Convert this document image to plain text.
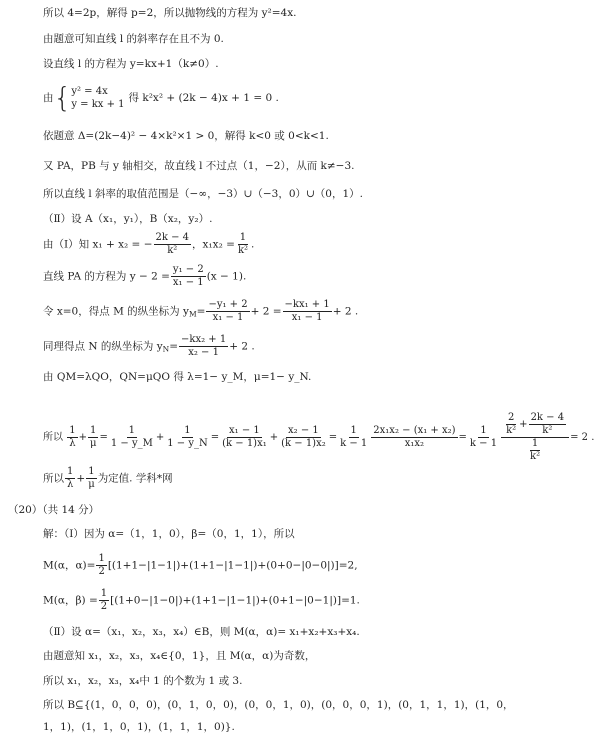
所以 4=2p，解得 p=2，所以抛物线的方程为 y²=4x.
由题意可知直线 l 的斜率存在且不为 0.
设直线 l 的方程为 y=kx+1（k≠0）.
由{ y² = 4x
y = kx + 1
得 k²x² + (2k − 4)x + 1 = 0 .
依题意 Δ=(2k−4)² − 4×k²×1 > 0，解得 k<0 或 0<k<1.
又 PA，PB 与 y 轴相交，故直线 l 不过点（1，−2），从而 k≠−3.
所以直线 l 斜率的取值范围是（−∞，−3）∪（−3，0）∪（0，1）.
（Ⅱ）设 A（x₁，y₁），B（x₂，y₂）.
由（Ⅰ）知 x₁ + x₂ = − $\frac{2k - 4}{\text{k²}}$ ，$x_1x_2 = \frac{1}{\text{k²}}$ .
直线 PA 的方程为 $y - 2 = \frac{\text{y₁ − 2}}{\text{x₁ − 1}} (x - 1)$.
令 x=0，得点 M 的纵坐标为 $y_M= \frac{\text{−y₁ + 2}}{\text{x₁ − 1}} + 2 = \frac{\text{−kx₁ + 1}}{\text{x₁ − 1}} + 2$ .
同理得点 N 的纵坐标为 $y_N= \frac{\text{−kx₂ + 1}}{\text{x₂ − 1}} + 2$ .
由 QM=λQO，QN=μQO 得 λ=1− y_M，μ=1− y_N.
所以 $\frac{1}{\lambda} + \frac{1}{\mu} = \frac{1}{1 - y\_M} + \frac{1}{1 - y\_N} = \frac{\text{x₁ − 1}}{\text{(k − 1)x₁}} + \frac{\text{x₂ − 1}}{\text{(k − 1)x₂}} = \frac{1}{k - 1} \frac{\text{2x₁x₂ − (x₁ + x₂)}}{\text{x₁x₂}} = \frac{1}{k - 1} \frac{\frac{2}{\text{k²}} + \frac{2k - 4}{\text{k²}}}{\frac{1}{\text{k²}}} = 2$ .
所以 $\frac{1}{\lambda} + \frac{1}{\mu}$ 为定值. 学科*网
（20）（共 14 分）
解：（Ⅰ）因为 α=（1，1，0），β=（0，1，1），所以
M(α，$\alpha)= \frac{1}{2} [(1+1-|1-1|)+(1+1-|1-1|)+(0+0-|0-0|)]=2$,
M(α，$\beta) = \frac{1}{2} [(1+0-|1-0|)+(1+1-|1-1|)+(0+1-|0-1|)]=1$.
（Ⅱ）设 α=（x₁，x₂，x₃，x₄）∈B，则 M(α，α)= x₁+x₂+x₃+x₄.
由题意知 x₁，x₂，x₃，x₄∈{0，1}，且 M(α，α)为奇数，
所以 x₁，x₂，x₃，x₄中 1 的个数为 1 或 3.
所以 B⊆{(1，0，0，0)，(0，1，0，0)，(0，0，1，0)，(0，0，0，1)，(0，1，1，1)，(1，0，
1，1)，(1，1，0，1)，(1，1，1，0)}.
